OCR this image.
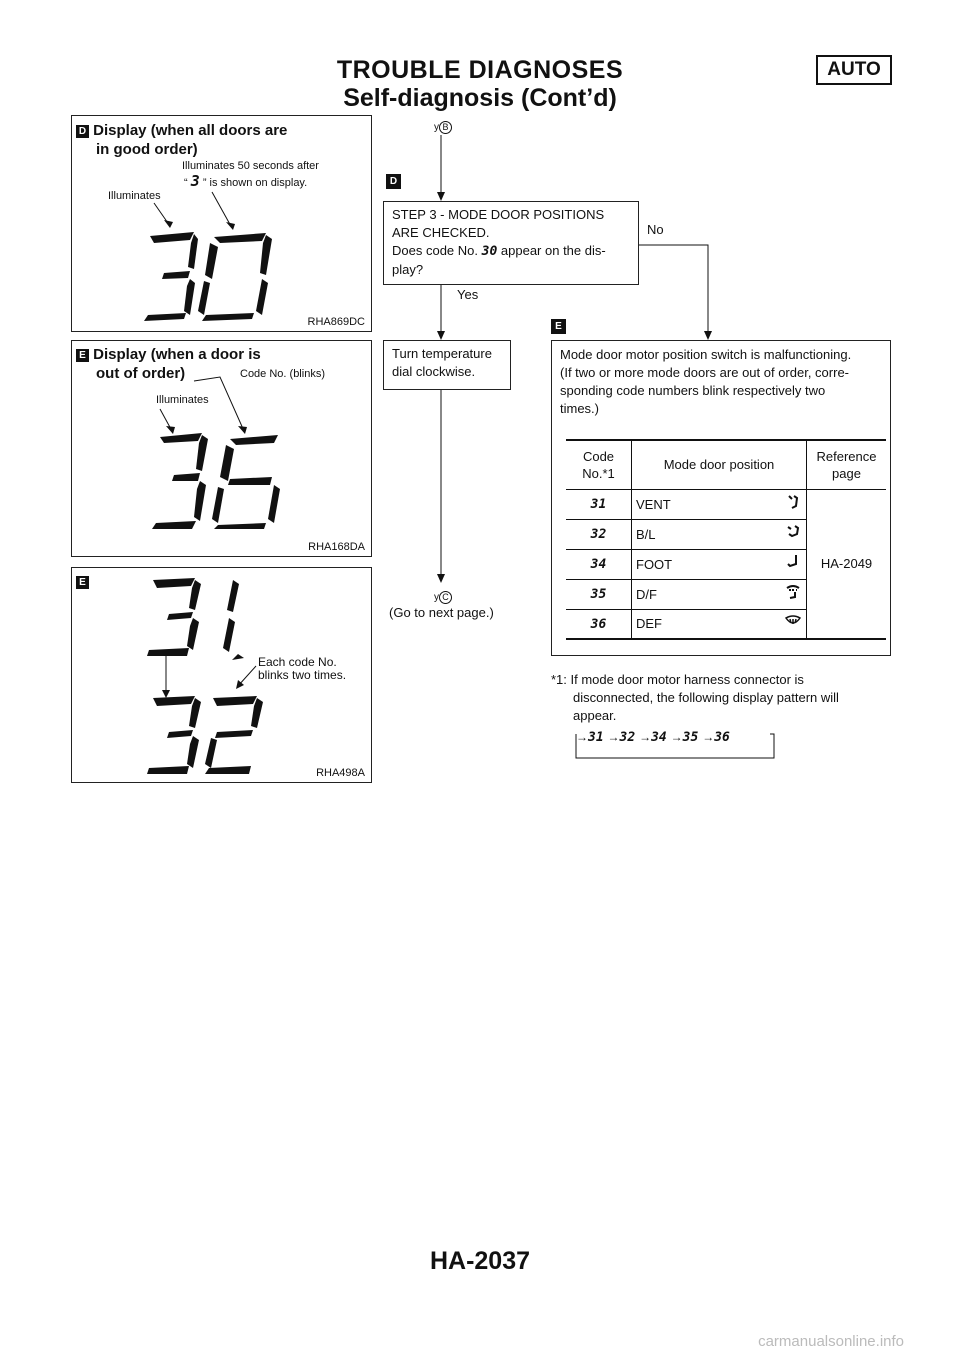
TROUBLE DIAGNOSES	AUTO
Self-diagnosis (Cont’d)
D Display (when all doors are
in good order)
Illuminates 50 seconds after
“ 3 ” is shown on display.
Illuminates
RHA869DC
E Display (when a door is
out of order)	Code No. (blinks)
Illuminates
RHA168DA
E
Each code No.
blinks two times.
RHA498A
y B
D
STEP 3 - MODE DOOR POSITIONS
ARE CHECKED.
Does code No. 30 appear on the dis-
play?
No
Yes
E
Turn temperature
dial clockwise.
y C
(Go to next page.)
Mode door motor position switch is malfunctioning.
(If two or more mode doors are out of order, corre-
sponding code numbers blink respectively two
times.)
Code
No.*1	Mode door position	Reference
page
31	VENT	HA-2049
32	B/L	

34	FOOT	

35	D/F	

36	DEF	
*1: If mode door motor harness connector is
disconnected, the following display pattern will
appear.
→31 →32 →34 →35 →36
HA-2037
carmanualsonline.info
